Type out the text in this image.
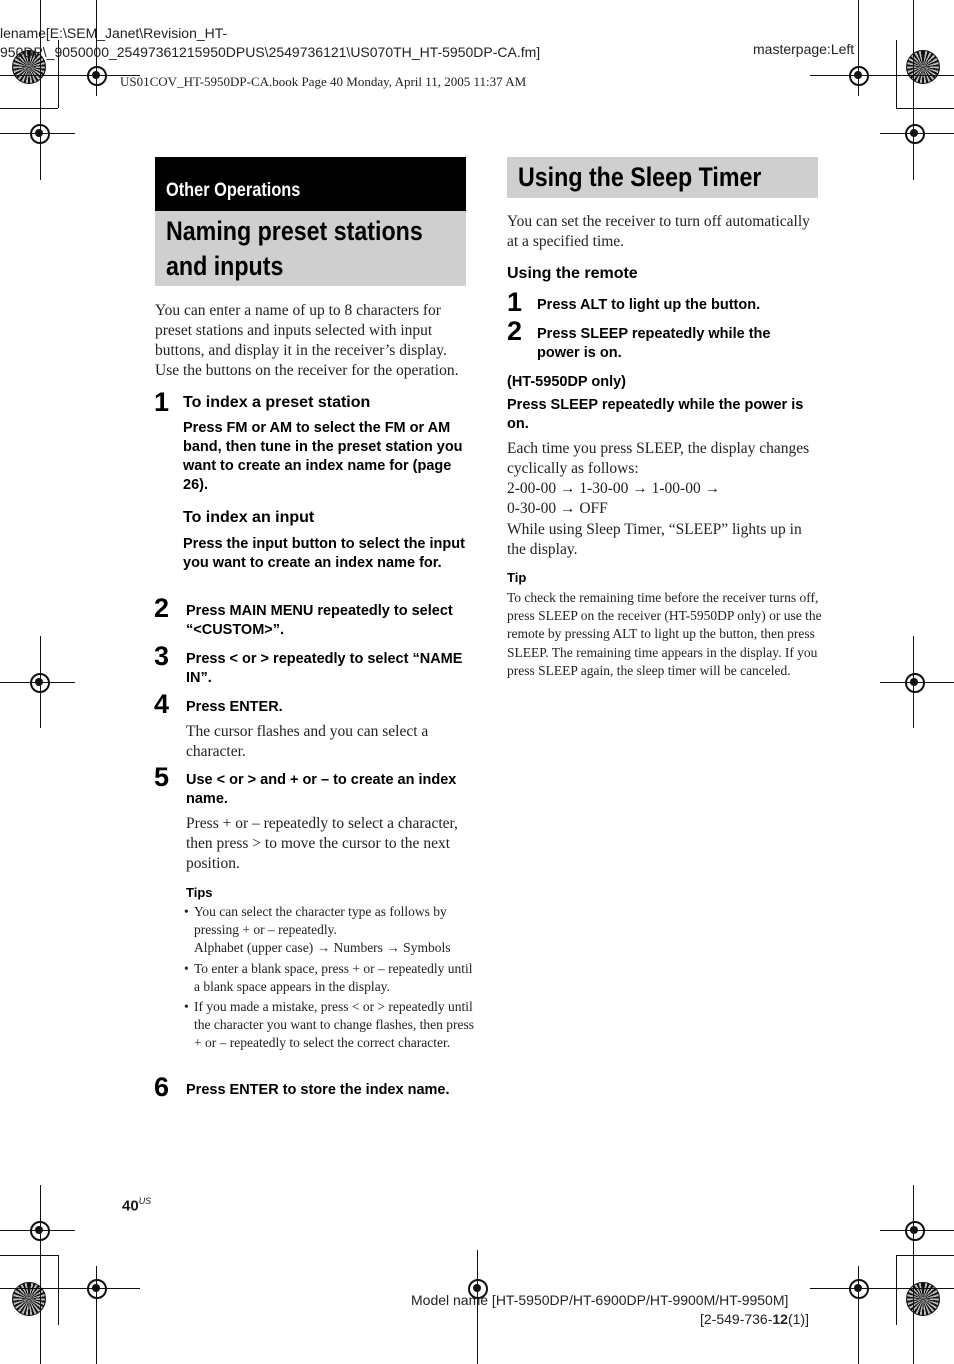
lename[E:\SEM_Janet\Revision_HT-
950DP\_9050000_25497361215950DPUS\2549736121\US070TH_HT-5950DP-CA.fm]	masterpage:Left
US01COV_HT-5950DP-CA.book Page 40 Monday, April 11, 2005 11:37 AM
Other Operations
Naming preset stations
and inputs

You can enter a name of up to 8 characters for preset stations and inputs selected with input buttons, and display it in the receiver’s display. Use the buttons on the receiver for the operation.

1 To index a preset station

Press FM or AM to select the FM or AM band, then tune in the preset station you want to create an index name for (page 26).

To index an input

Press the input button to select the input you want to create an index name for.

2 Press MAIN MENU repeatedly to select “<CUSTOM>”.

3 Press < or > repeatedly to select “NAME IN”.

4 Press ENTER.

The cursor flashes and you can select a character.

5 Use < or > and + or – to create an index name.

Press + or – repeatedly to select a character, then press > to move the cursor to the next position.

Tips
• You can select the character type as follows by pressing + or – repeatedly.
Alphabet (upper case) → Numbers → Symbols
• To enter a blank space, press + or – repeatedly until a blank space appears in the display.
• If you made a mistake, press < or > repeatedly until the character you want to change flashes, then press + or – repeatedly to select the correct character.
6 Press ENTER to store the index name.

Using the Sleep Timer

You can set the receiver to turn off automatically at a specified time.

Using the remote
1 Press ALT to light up the button.

2 Press SLEEP repeatedly while the power is on.

(HT-5950DP only)

Press SLEEP repeatedly while the power is on.

Each time you press SLEEP, the display changes cyclically as follows:

2-00-00 → 1-30-00 → 1-00-00 →

0-30-00 → OFF

While using Sleep Timer, “SLEEP” lights up in the display.

Tip

To check the remaining time before the receiver turns off, press SLEEP on the receiver (HT-5950DP only) or use the remote by pressing ALT to light up the button, then press SLEEP. The remaining time appears in the display. If you press SLEEP again, the sleep timer will be canceled.

$40^{US}$
Model name [HT-5950DP/HT-6900DP/HT-9900M/HT-9950M]
[2-549-736-12(1)]
